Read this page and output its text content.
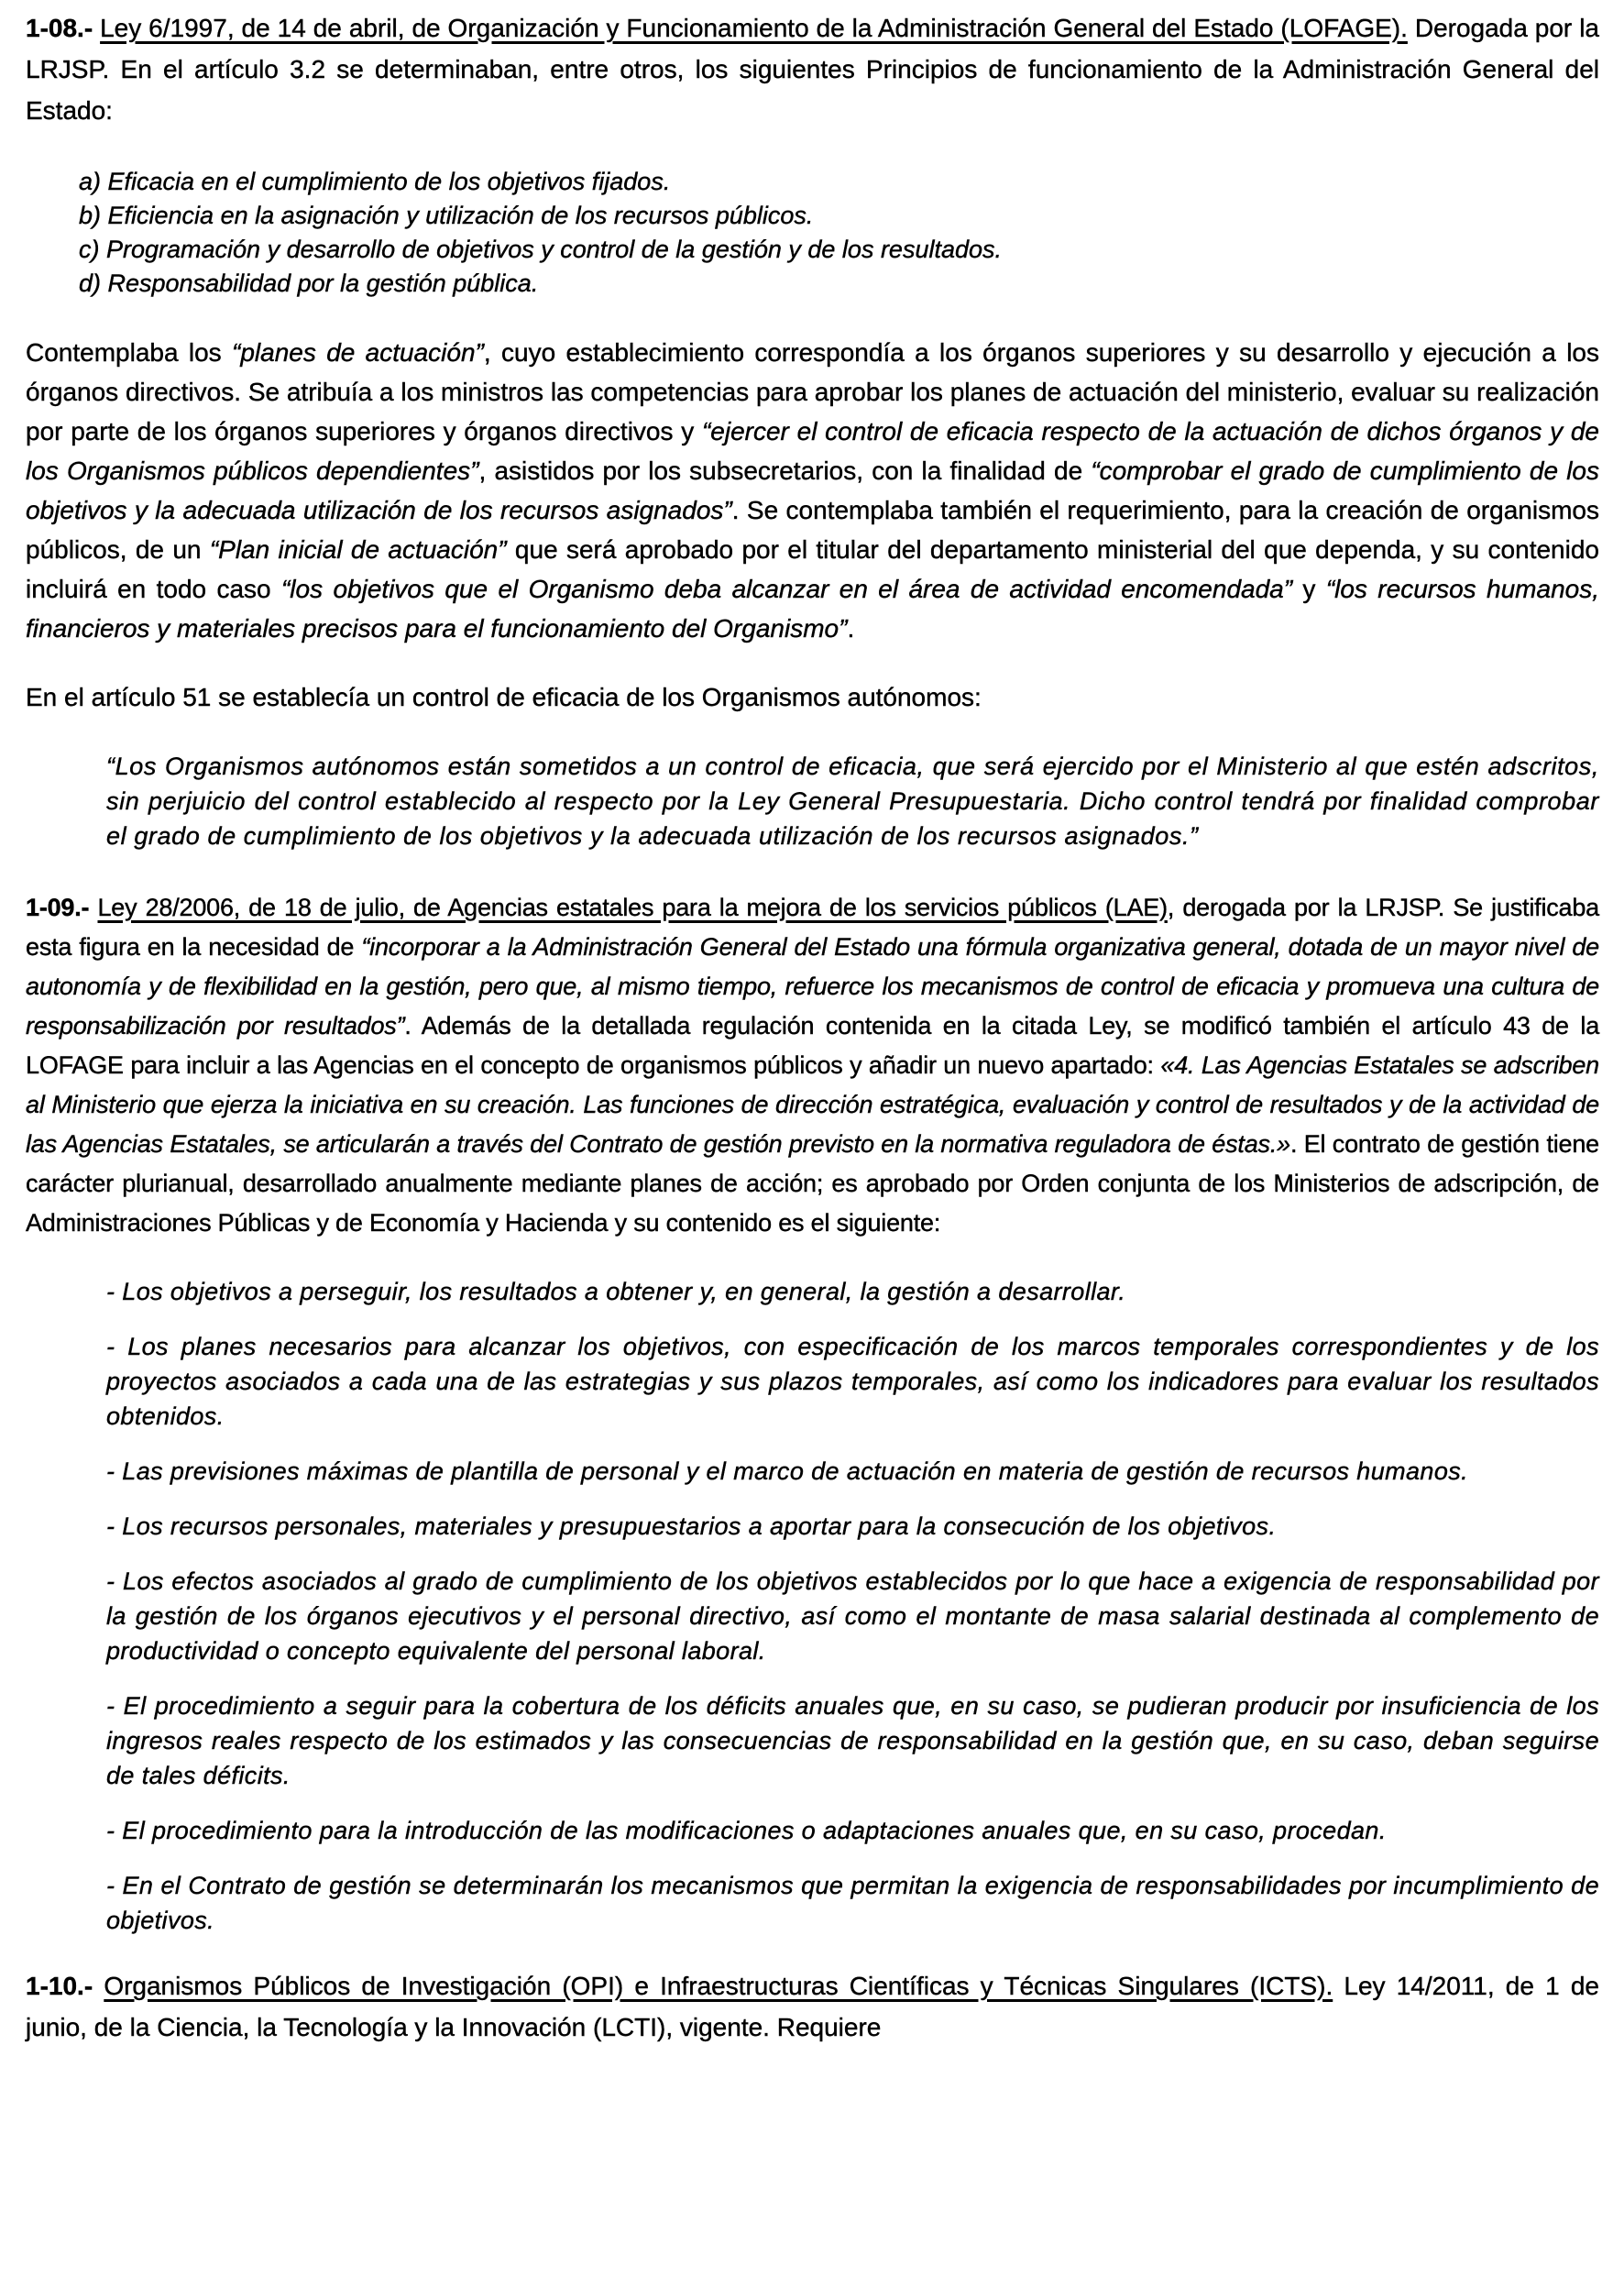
1-08.- Ley 6/1997, de 14 de abril, de Organización y Funcionamiento de la Administración General del Estado (LOFAGE). Derogada por la LRJSP. En el artículo 3.2 se determinaban, entre otros, los siguientes Principios de funcionamiento de la Administración General del Estado:

a) Eficacia en el cumplimiento de los objetivos fijados.
b) Eficiencia en la asignación y utilización de los recursos públicos.
c) Programación y desarrollo de objetivos y control de la gestión y de los resultados.
d) Responsabilidad por la gestión pública.

Contemplaba los “planes de actuación”, cuyo establecimiento correspondía a los órganos superiores y su desarrollo y ejecución a los órganos directivos. Se atribuía a los ministros las competencias para aprobar los planes de actuación del ministerio, evaluar su realización por parte de los órganos superiores y órganos directivos y “ejercer el control de eficacia respecto de la actuación de dichos órganos y de los Organismos públicos dependientes”, asistidos por los subsecretarios, con la finalidad de “comprobar el grado de cumplimiento de los objetivos y la adecuada utilización de los recursos asignados”. Se contemplaba también el requerimiento, para la creación de organismos públicos, de un “Plan inicial de actuación” que será aprobado por el titular del departamento ministerial del que dependa, y su contenido incluirá en todo caso “los objetivos que el Organismo deba alcanzar en el área de actividad encomendada” y “los recursos humanos, financieros y materiales precisos para el funcionamiento del Organismo”.

En el artículo 51 se establecía un control de eficacia de los Organismos autónomos:

“Los Organismos autónomos están sometidos a un control de eficacia, que será ejercido por el Ministerio al que estén adscritos, sin perjuicio del control establecido al respecto por la Ley General Presupuestaria. Dicho control tendrá por finalidad comprobar el grado de cumplimiento de los objetivos y la adecuada utilización de los recursos asignados.”

1-09.- Ley 28/2006, de 18 de julio, de Agencias estatales para la mejora de los servicios públicos (LAE), derogada por la LRJSP. Se justificaba esta figura en la necesidad de “incorporar a la Administración General del Estado una fórmula organizativa general, dotada de un mayor nivel de autonomía y de flexibilidad en la gestión, pero que, al mismo tiempo, refuerce los mecanismos de control de eficacia y promueva una cultura de responsabilización por resultados”. Además de la detallada regulación contenida en la citada Ley, se modificó también el artículo 43 de la LOFAGE para incluir a las Agencias en el concepto de organismos públicos y añadir un nuevo apartado: «4. Las Agencias Estatales se adscriben al Ministerio que ejerza la iniciativa en su creación. Las funciones de dirección estratégica, evaluación y control de resultados y de la actividad de las Agencias Estatales, se articularán a través del Contrato de gestión previsto en la normativa reguladora de éstas.». El contrato de gestión tiene carácter plurianual, desarrollado anualmente mediante planes de acción; es aprobado por Orden conjunta de los Ministerios de adscripción, de Administraciones Públicas y de Economía y Hacienda y su contenido es el siguiente:

- Los objetivos a perseguir, los resultados a obtener y, en general, la gestión a desarrollar.
- Los planes necesarios para alcanzar los objetivos, con especificación de los marcos temporales correspondientes y de los proyectos asociados a cada una de las estrategias y sus plazos temporales, así como los indicadores para evaluar los resultados obtenidos.
- Las previsiones máximas de plantilla de personal y el marco de actuación en materia de gestión de recursos humanos.
- Los recursos personales, materiales y presupuestarios a aportar para la consecución de los objetivos.
- Los efectos asociados al grado de cumplimiento de los objetivos establecidos por lo que hace a exigencia de responsabilidad por la gestión de los órganos ejecutivos y el personal directivo, así como el montante de masa salarial destinada al complemento de productividad o concepto equivalente del personal laboral.
- El procedimiento a seguir para la cobertura de los déficits anuales que, en su caso, se pudieran producir por insuficiencia de los ingresos reales respecto de los estimados y las consecuencias de responsabilidad en la gestión que, en su caso, deban seguirse de tales déficits.
- El procedimiento para la introducción de las modificaciones o adaptaciones anuales que, en su caso, procedan.
- En el Contrato de gestión se determinarán los mecanismos que permitan la exigencia de responsabilidades por incumplimiento de objetivos.

1-10.- Organismos Públicos de Investigación (OPI) e Infraestructuras Científicas y Técnicas Singulares (ICTS). Ley 14/2011, de 1 de junio, de la Ciencia, la Tecnología y la Innovación (LCTI), vigente. Requiere
